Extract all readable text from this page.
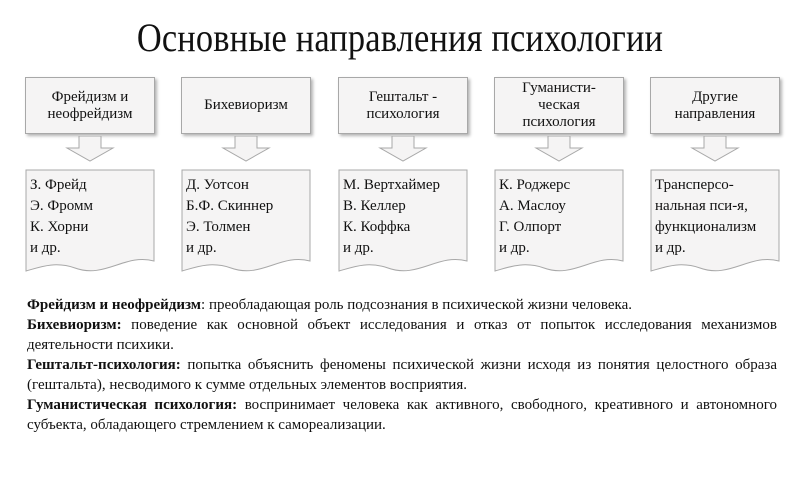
Основные направления психологии
Фрейдизм и
неофрейдизм
З. Фрейд
Э. Фромм
К. Хорни
и др.
Бихевиоризм
Д. Уотсон
Б.Ф. Скиннер
Э. Толмен
и др.
Гештальт -
психология
М. Вертхаймер
В. Келлер
К. Коффка
и др.
Гуманисти-
ческая
психология
К. Роджерс
А. Маслоу
Г. Олпорт
и др.
Другие
направления
Трансперсо-
нальная пси-я,
функционализм
и др.

Фрейдизм и неофрейдизм: преобладающая роль подсознания в психической жизни человека.

Бихевиоризм: поведение как основной объект исследования и отказ от попыток исследования механизмов деятельности психики.

Гештальт-психология: попытка объяснить феномены психической жизни исходя из понятия целостного образа (гештальта), несводимого к сумме отдельных элементов восприятия.

Гуманистическая психология: воспринимает человека как активного, свободного, креативного и автономного субъекта, обладающего стремлением к самореализации.
